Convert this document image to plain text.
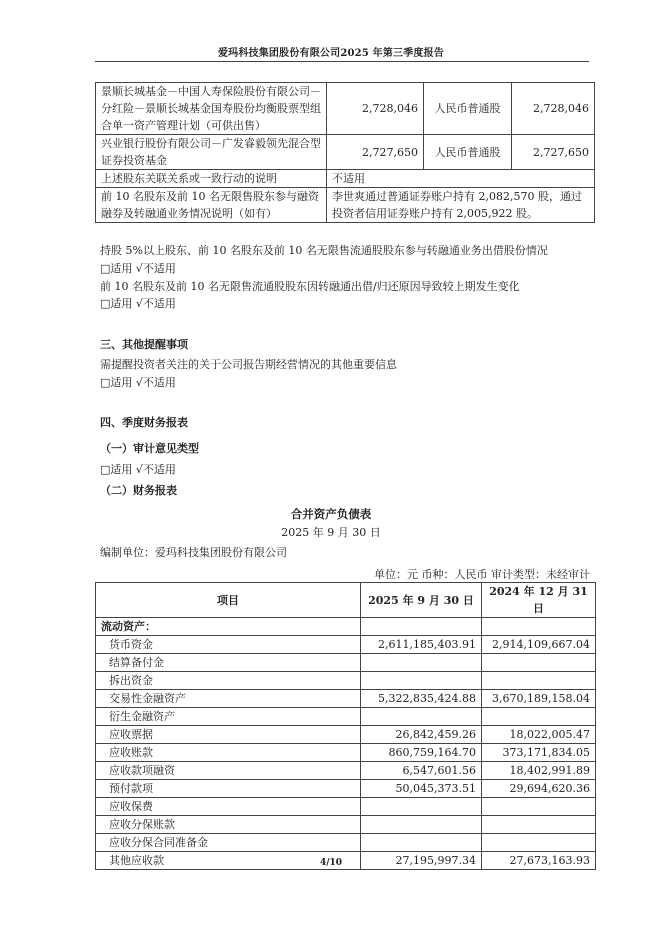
爱玛科技集团股份有限公司2025 年第三季度报告
景顺长城基金－中国人寿保险股份有限公司－分红险－景顺长城基金国寿股份均衡股票型组合单一资产管理计划（可供出售）	2,728,046	人民币普通股	2,728,046
兴业银行股份有限公司－广发睿毅领先混合型证券投资基金	2,727,650	人民币普通股	2,727,650
上述股东关联关系或一致行动的说明	不适用		
前 10 名股东及前 10 名无限售股东参与融资融券及转融通业务情况说明（如有）	李世爽通过普通证券账户持有 2,082,570 股，通过投资者信用证券账户持有 2,005,922 股。		
持股 5%以上股东、前 10 名股东及前 10 名无限售流通股股东参与转融通业务出借股份情况
□适用 √不适用
前 10 名股东及前 10 名无限售流通股股东因转融通出借/归还原因导致较上期发生变化
□适用 √不适用
三、其他提醒事项
需提醒投资者关注的关于公司报告期经营情况的其他重要信息
□适用 √不适用
四、季度财务报表
（一）审计意见类型
□适用 √不适用
（二）财务报表
合并资产负债表
2025 年 9 月 30 日
编制单位：爱玛科技集团股份有限公司
单位：元 币种：人民币 审计类型：未经审计
项目	2025 年 9 月 30 日	2024 年 12 月 31 日
流动资产：		
货币资金	2,611,185,403.91	2,914,109,667.04
结算备付金		
拆出资金		
交易性金融资产	5,322,835,424.88	3,670,189,158.04
衍生金融资产		
应收票据	26,842,459.26	18,022,005.47
应收账款	860,759,164.70	373,171,834.05
应收款项融资	6,547,601.56	18,402,991.89
预付款项	50,045,373.51	29,694,620.36
应收保费		
应收分保账款		
应收分保合同准备金		
其他应收款	27,195,997.34	27,673,163.93
4/10
